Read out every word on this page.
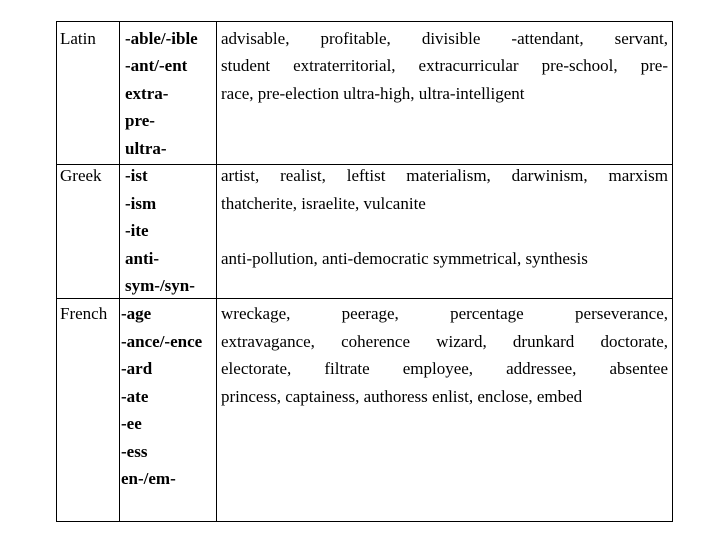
Latin -able/-ible
-ant/-ent
extra-
pre-
ultra-
advisable, profitable, divisible -attendant, servant,
student extraterritorial, extracurricular pre-school, pre-
race, pre-election ultra-high, ultra-intelligent
Greek -ist
-ism
-ite
anti-
sym-/syn-
artist, realist, leftist materialism, darwinism, marxism
thatcherite, israelite, vulcanite
anti-pollution, anti-democratic symmetrical, synthesis
French -age
-ance/-ence
-ard
-ate
-ee
-ess
en-/em-
wreckage, peerage, percentage perseverance,
extravagance, coherence wizard, drunkard doctorate,
electorate, filtrate employee, addressee, absentee
princess, captainess, authoress enlist, enclose, embed
